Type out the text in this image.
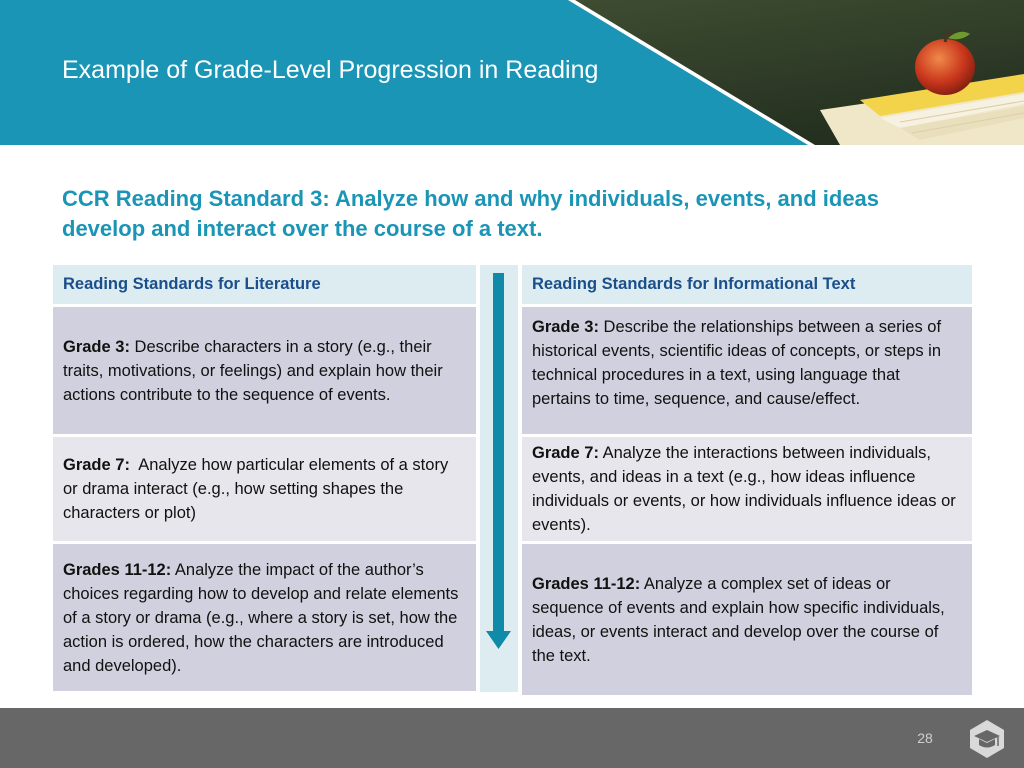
Example of Grade-Level Progression in Reading
CCR Reading Standard 3: Analyze how and why individuals, events, and ideas develop and interact over the course of a text.
Reading Standards for Literature
Grade 3: Describe characters in a story (e.g., their traits, motivations, or feelings) and explain how their actions contribute to the sequence of events.
Grade 7:  Analyze how particular elements of a story or drama interact (e.g., how setting shapes the characters or plot)
Grades 11-12: Analyze the impact of the author’s choices regarding how to develop and relate elements of a story or drama (e.g., where a story is set, how the action is ordered, how the characters are introduced and developed).
Reading Standards for Informational Text
Grade 3: Describe the relationships between a series of historical events, scientific ideas of concepts, or steps in technical procedures in a text, using language that pertains to time, sequence, and cause/effect.
Grade 7: Analyze the interactions between individuals, events, and ideas in a text (e.g., how ideas influence individuals or events, or how individuals influence ideas or events).
Grades 11-12: Analyze a complex set of ideas or sequence of events and explain how specific individuals, ideas, or events interact and develop over the course of the text.
28
